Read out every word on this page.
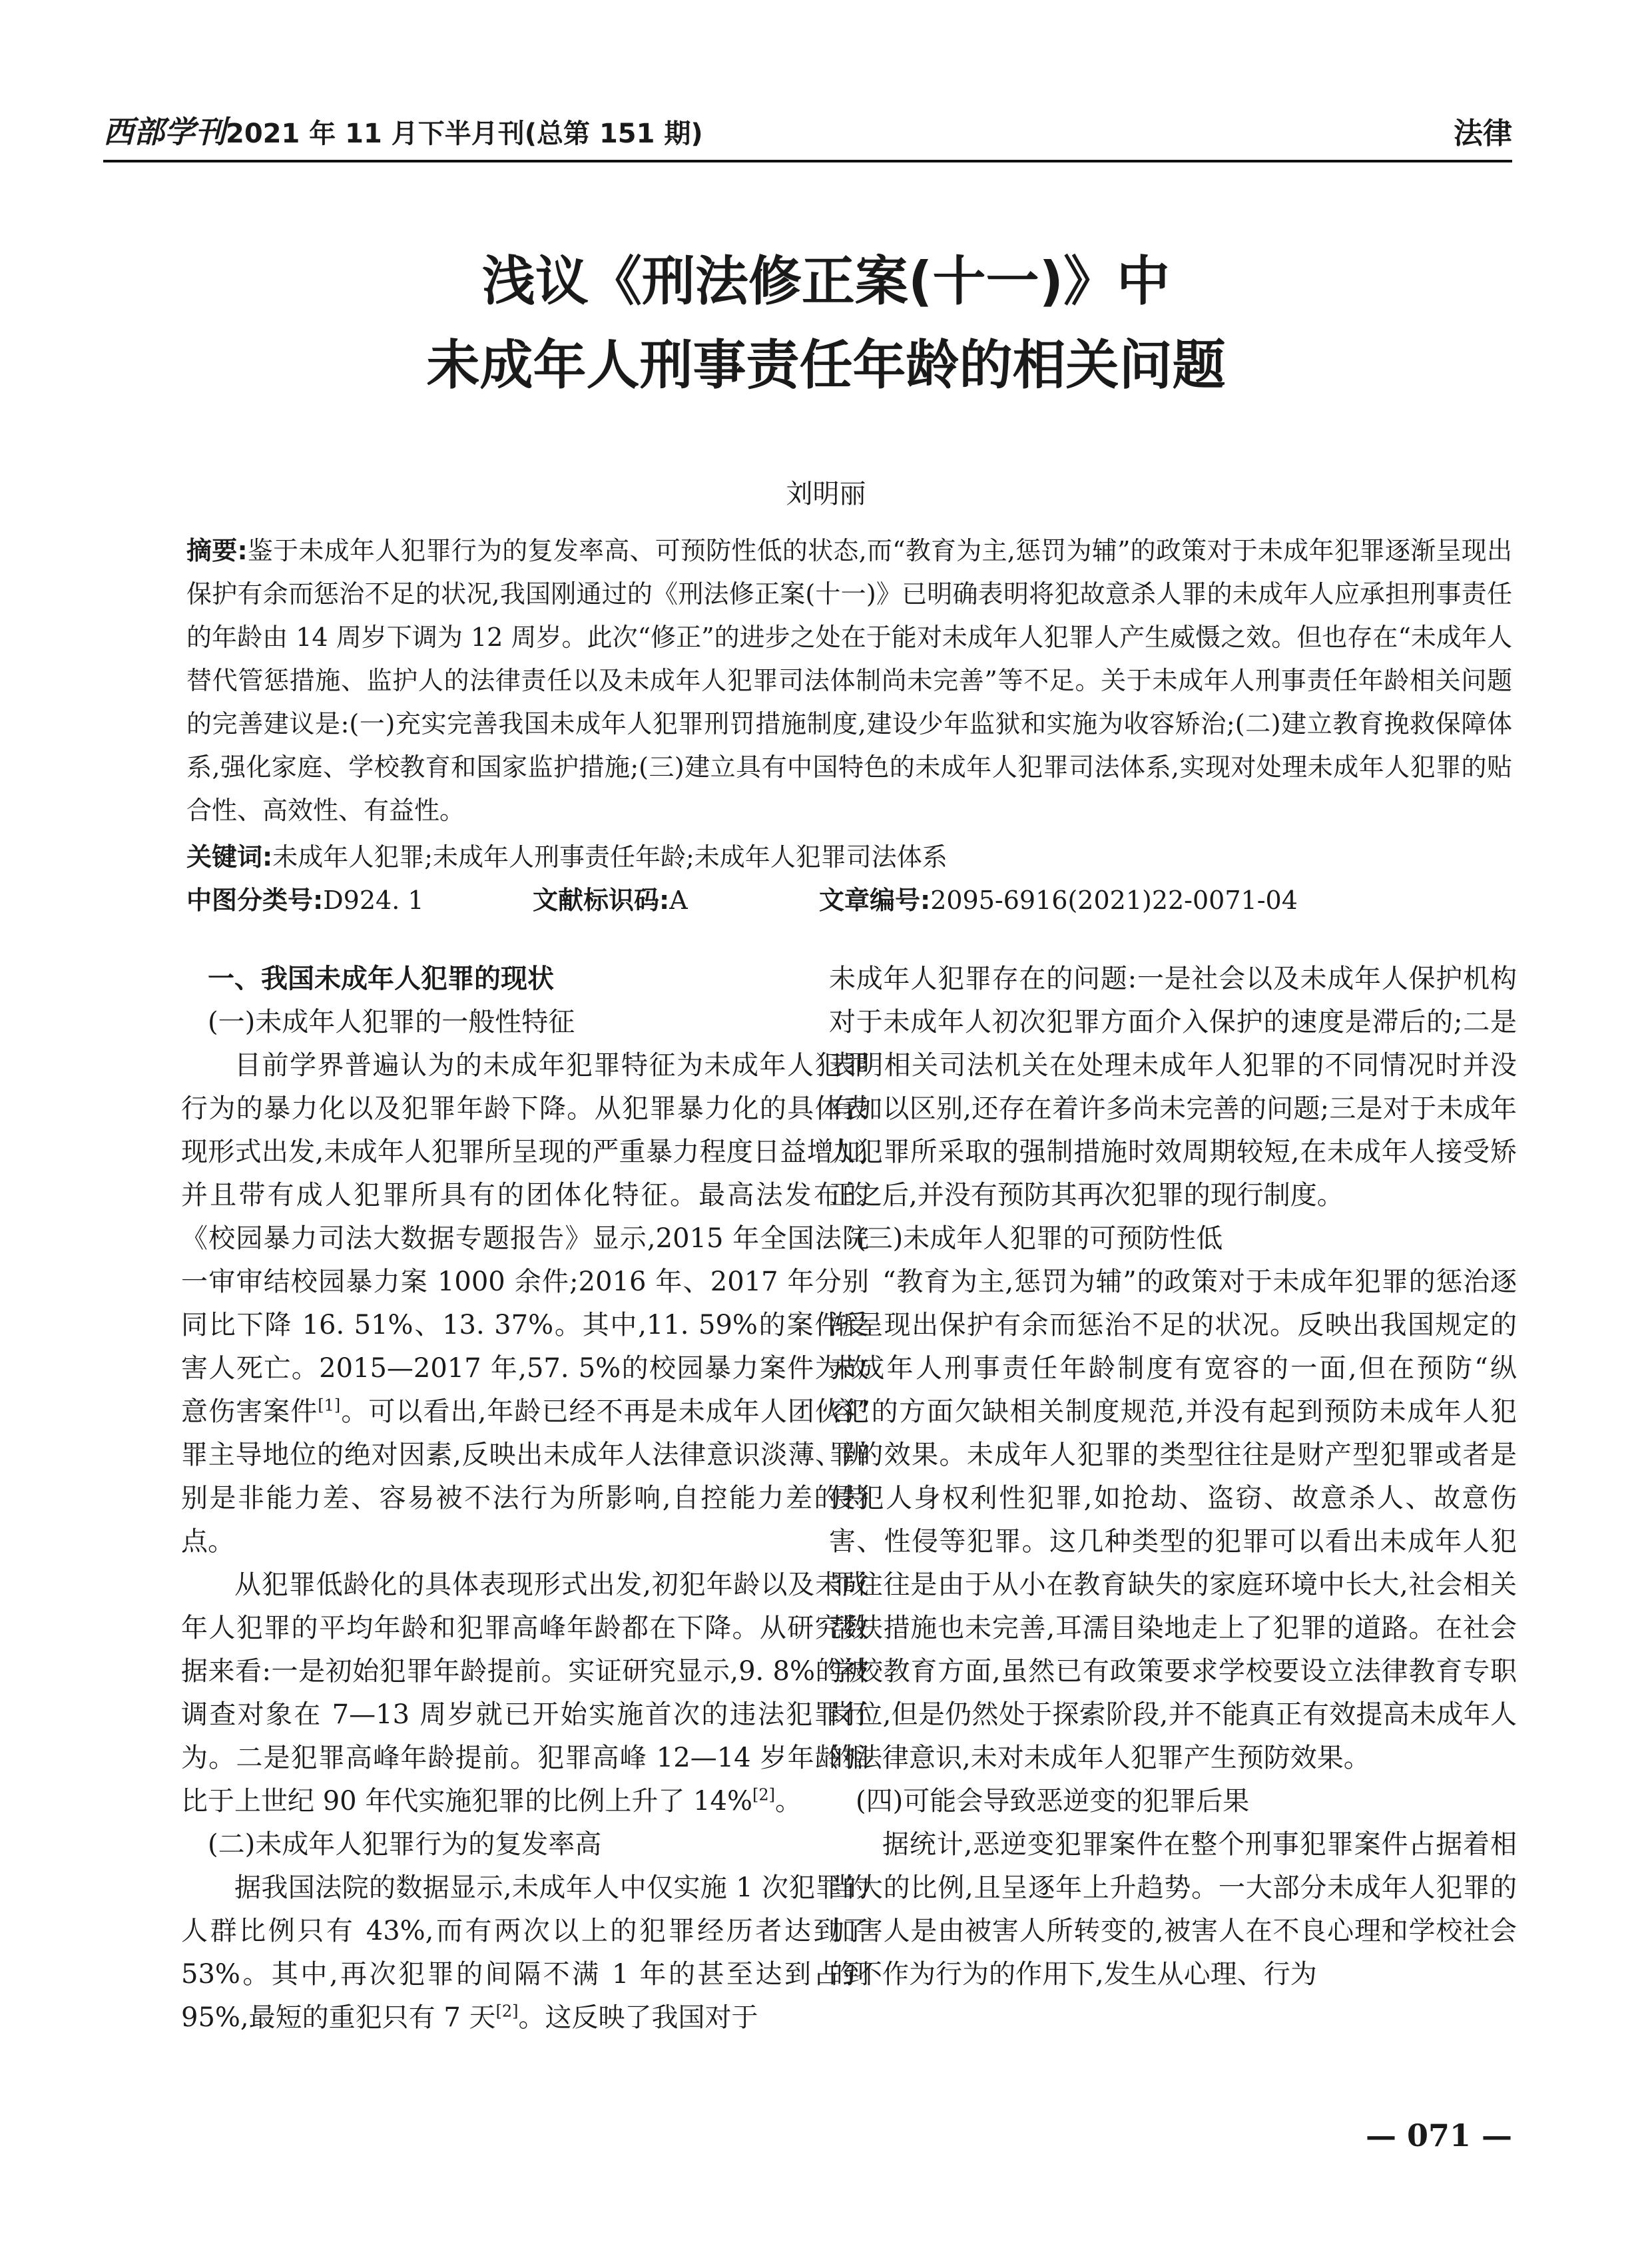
西部学刊 2021 年 11 月下半月刊(总第 151 期)	法律
浅议《刑法修正案(十一)》中
未成年人刑事责任年龄的相关问题
刘明丽
摘要:鉴于未成年人犯罪行为的复发率高、可预防性低的状态,而“教育为主,惩罚为辅”的政策对于未成年犯罪逐渐呈现出保护有余而惩治不足的状况,我国刚通过的《刑法修正案(十一)》已明确表明将犯故意杀人罪的未成年人应承担刑事责任的年龄由 14 周岁下调为 12 周岁。此次“修正”的进步之处在于能对未成年人犯罪人产生威慑之效。但也存在“未成年人替代管惩措施、监护人的法律责任以及未成年人犯罪司法体制尚未完善”等不足。关于未成年人刑事责任年龄相关问题的完善建议是:(一)充实完善我国未成年人犯罪刑罚措施制度,建设少年监狱和实施为收容矫治;(二)建立教育挽救保障体系,强化家庭、学校教育和国家监护措施;(三)建立具有中国特色的未成年人犯罪司法体系,实现对处理未成年人犯罪的贴合性、高效性、有益性。
关键词:未成年人犯罪;未成年人刑事责任年龄;未成年人犯罪司法体系
中图分类号:D924. 1	文献标识码:A	文章编号:2095-6916(2021)22-0071-04

一、我国未成年人犯罪的现状

(一)未成年人犯罪的一般性特征

目前学界普遍认为的未成年犯罪特征为未成年人犯罪行为的暴力化以及犯罪年龄下降。从犯罪暴力化的具体表现形式出发,未成年人犯罪所呈现的严重暴力程度日益增加,并且带有成人犯罪所具有的团体化特征。最高法发布的《校园暴力司法大数据专题报告》显示,2015 年全国法院一审审结校园暴力案 1000 余件;2016 年、2017 年分别同比下降 16. 51%、13. 37%。其中,11. 59%的案件受害人死亡。2015—2017 年,57. 5%的校园暴力案件为故意伤害案件[1]。可以看出,年龄已经不再是未成年人团伙犯罪主导地位的绝对因素,反映出未成年人法律意识淡薄、辨别是非能力差、容易被不法行为所影响,自控能力差的特点。

从犯罪低龄化的具体表现形式出发,初犯年龄以及未成年人犯罪的平均年龄和犯罪高峰年龄都在下降。从研究数据来看:一是初始犯罪年龄提前。实证研究显示,9. 8%的被调查对象在 7—13 周岁就已开始实施首次的违法犯罪行为。二是犯罪高峰年龄提前。犯罪高峰 12—14 岁年龄相比于上世纪 90 年代实施犯罪的比例上升了 14%[2]。

(二)未成年人犯罪行为的复发率高

据我国法院的数据显示,未成年人中仅实施 1 次犯罪的人群比例只有 43%,而有两次以上的犯罪经历者达到了 53%。其中,再次犯罪的间隔不满 1 年的甚至达到占到 95%,最短的重犯只有 7 天[2]。这反映了我国对于

未成年人犯罪存在的问题:一是社会以及未成年人保护机构对于未成年人初次犯罪方面介入保护的速度是滞后的;二是表明相关司法机关在处理未成年人犯罪的不同情况时并没有加以区别,还存在着许多尚未完善的问题;三是对于未成年人犯罪所采取的强制措施时效周期较短,在未成年人接受矫正之后,并没有预防其再次犯罪的现行制度。

(三)未成年人犯罪的可预防性低

“教育为主,惩罚为辅”的政策对于未成年犯罪的惩治逐渐呈现出保护有余而惩治不足的状况。反映出我国规定的未成年人刑事责任年龄制度有宽容的一面,但在预防“纵容”的方面欠缺相关制度规范,并没有起到预防未成年人犯罪的效果。未成年人犯罪的类型往往是财产型犯罪或者是侵犯人身权利性犯罪,如抢劫、盗窃、故意杀人、故意伤害、性侵等犯罪。这几种类型的犯罪可以看出未成年人犯罪往往是由于从小在教育缺失的家庭环境中长大,社会相关帮扶措施也未完善,耳濡目染地走上了犯罪的道路。在社会学校教育方面,虽然已有政策要求学校要设立法律教育专职岗位,但是仍然处于探索阶段,并不能真正有效提高未成年人的法律意识,未对未成年人犯罪产生预防效果。

(四)可能会导致恶逆变的犯罪后果

据统计,恶逆变犯罪案件在整个刑事犯罪案件占据着相当大的比例,且呈逐年上升趋势。一大部分未成年人犯罪的加害人是由被害人所转变的,被害人在不良心理和学校社会的不作为行为的作用下,发生从心理、行为

— 071 —
